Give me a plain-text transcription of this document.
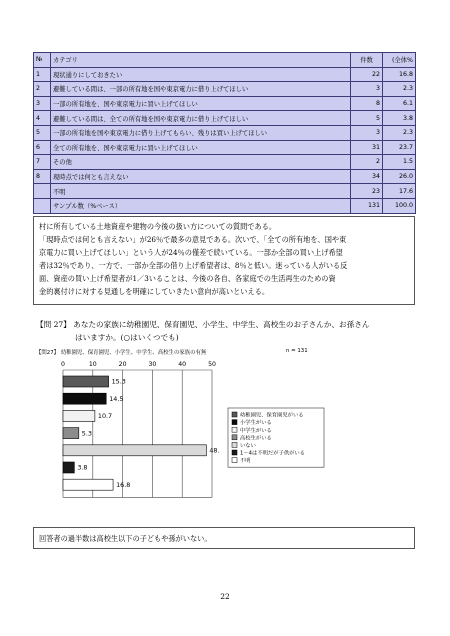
№	カテゴリ	件数	(全体%
1	現状通りにしておきたい	22	16.8
2	避難している間は、一部の所有地を国や東京電力に借り上げてほしい	3	2.3
3	一部の所有地を、国や東京電力に買い上げてほしい	8	6.1
4	避難している間は、全ての所有地を国や東京電力に借り上げてほしい	5	3.8
5	一部の所有地を国や東京電力に借り上げてもらい、残りは買い上げてほしい	3	2.3
6	全ての所有地を、国や東京電力に買い上げてほしい	31	23.7
7	その他	2	1.5
8	現時点では何とも言えない	34	26.0
	不明	23	17.6
	サンプル数（%ベース）	131	100.0
村に所有している土地資産や建物の今後の扱い方についての質問である。
「現時点では何とも言えない」が26％で最多の意見である。次いで、「全ての所有地を、国や東
京電力に買い上げてほしい」という人が24％の僅差で続いている。一部か全部の買い上げ希望
者は32％であり、一方で、一部か全部の借り上げ希望者は、8％と低い。迷っている人がいる反
面、資産の買い上げ希望者が1／3いることは、今後の各自、各家庭での生活再生のための資
金的裏付けに対する見通しを明確にしていきたい意向が高いといえる。
【問 27】 あなたの家族に幼稚園児、保育園児、小学生、中学生、高校生のお子さんか、お孫さん
はいますか。(○はいくつでも)
【問27】 幼稚園児、保育園児、小学生、中学生、高校生の家族の有無	n = 131
0	10	20	30	40	50
15.3
14.5
10.7
5.3
48.
3.8
16.8
幼稚園児、保育園児がいる
小学生がいる
中学生がいる
高校生がいる
いない
1～4は不明だが子供がいる
不明
回答者の過半数は高校生以下の子どもや孫がいない。
22
